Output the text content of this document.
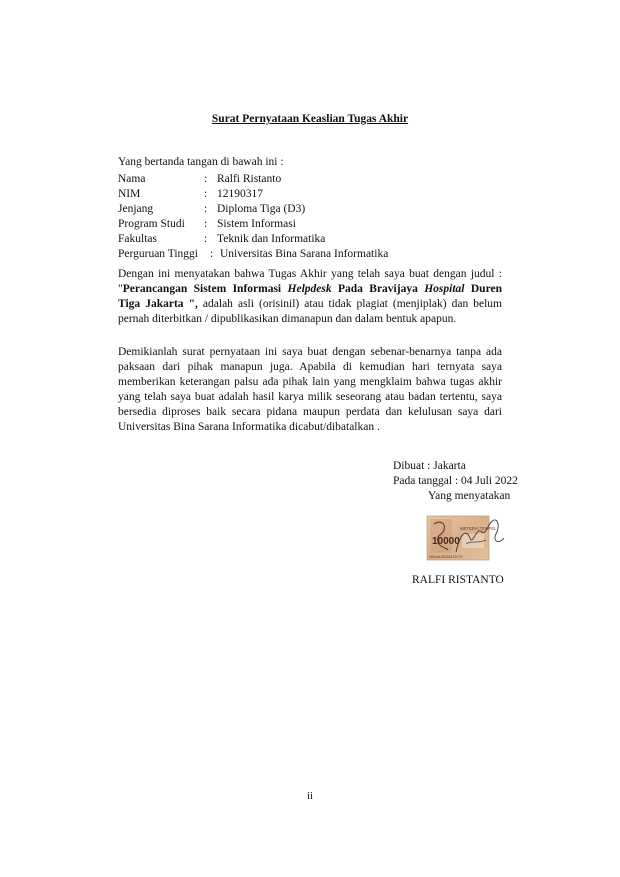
Surat Pernyataan Keaslian Tugas Akhir
Yang bertanda tangan di bawah ini :
Nama	: Ralfi Ristanto
NIM	: 12190317
Jenjang	: Diploma Tiga (D3)
Program Studi	: Sistem Informasi
Fakultas	: Teknik dan Informatika
Perguruan Tinggi	: Universitas Bina Sarana Informatika
Dengan ini menyatakan bahwa Tugas Akhir yang telah saya buat dengan judul : "Perancangan Sistem Informasi Helpdesk Pada Bravijaya Hospital Duren Tiga Jakarta ", adalah asli (orisinil) atau tidak plagiat (menjiplak) dan belum pernah diterbitkan / dipublikasikan dimanapun dan dalam bentuk apapun.
Demikianlah surat pernyataan ini saya buat dengan sebenar-benarnya tanpa ada paksaan dari pihak manapun juga. Apabila di kemudian hari ternyata saya memberikan keterangan palsu ada pihak lain yang mengklaim bahwa tugas akhir yang telah saya buat adalah hasil karya milik seseorang atau badan tertentu, saya bersedia diproses baik secara pidana maupun perdata dan kelulusan saya dari Universitas Bina Sarana Informatika dicabut/dibatalkan .
Dibuat : Jakarta
Pada tanggal : 04 Juli 2022
Yang menyatakan
10000
METERAI TEMPEL
5B9AAJX536472270
RALFI RISTANTO
ii
